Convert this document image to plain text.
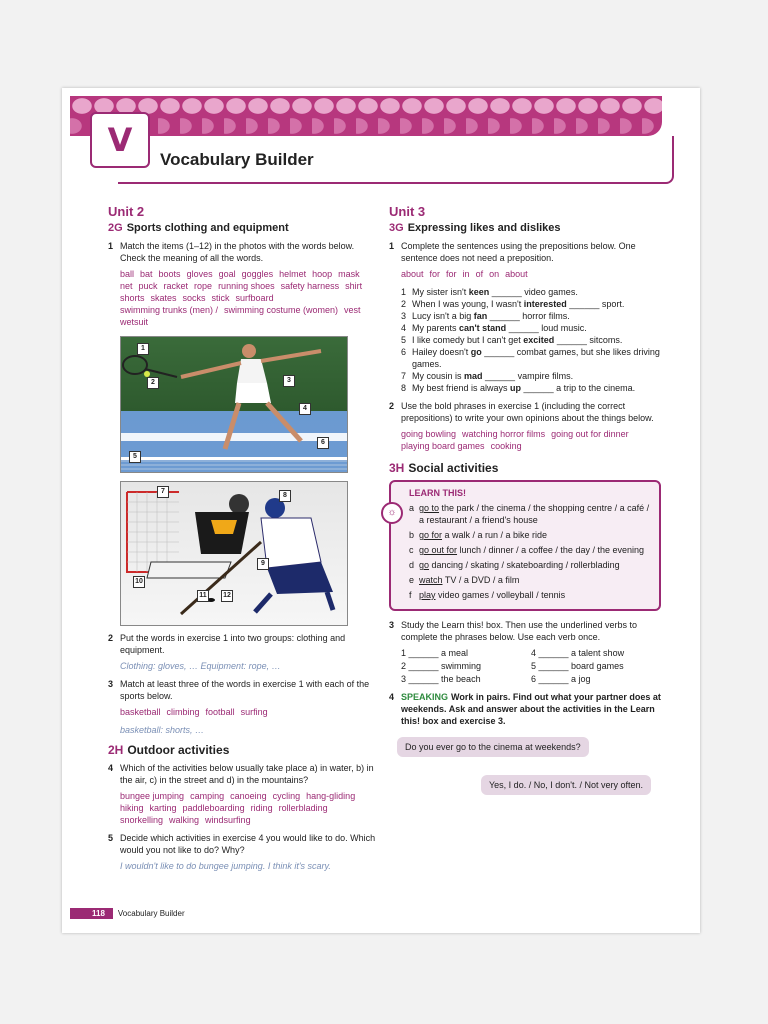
V
Vocabulary Builder
Unit 2
2G Sports clothing and equipment
1 Match the items (1–12) in the photos with the words below. Check the meaning of all the words.
ball bat boots gloves goal goggles helmet hoop masknet puck racket rope running shoes safety harness shirtshorts skates socks stick surfboardswimming trunks (men) / swimming costume (women) vestwetsuit
1
2	3
4
5
6
7
8
9
10
11	12
2 Put the words in exercise 1 into two groups: clothing and equipment.
Clothing: gloves, … Equipment: rope, …
3 Match at least three of the words in exercise 1 with each of the sports below.
basketball climbing football surfing
basketball: shorts, …
2H Outdoor activities
4 Which of the activities below usually take place a) in water, b) in the air, c) in the street and d) in the mountains?
bungee jumping camping canoeing cycling hang-glidinghiking karting paddleboarding riding rollerbladingsnorkelling walking windsurfing
5 Decide which activities in exercise 4 you would like to do. Which would you not like to do? Why?
I wouldn't like to do bungee jumping. I think it's scary.
Unit 3
3G Expressing likes and dislikes
1 Complete the sentences using the prepositions below. One sentence does not need a preposition.
about for for in of on about
1 My sister isn't keen ______ video games.
2 When I was young, I wasn't interested ______ sport.
3 Lucy isn't a big fan ______ horror films.
4 My parents can't stand ______ loud music.
5 I like comedy but I can't get excited ______ sitcoms.
6 Hailey doesn't go ______ combat games, but she likes driving games.
7 My cousin is mad ______ vampire films.
8 My best friend is always up ______ a trip to the cinema.
2 Use the bold phrases in exercise 1 (including the correct prepositions) to write your own opinions about the things below.
going bowling watching horror films going out for dinnerplaying board games cooking
3H Social activities
☼
LEARN THIS!
a go to the park / the cinema / the shopping centre / a café / a restaurant / a friend's house
b go for a walk / a run / a bike ride
c go out for lunch / dinner / a coffee / the day / the evening
d go dancing / skating / skateboarding / rollerblading
e watch TV / a DVD / a film
f play video games / volleyball / tennis
3 Study the Learn this! box. Then use the underlined verbs to complete the phrases below. Use each verb once.
1 ______ a meal	4 ______ a talent show
2 ______ swimming	5 ______ board games
3 ______ the beach	6 ______ a jog
4 SPEAKING Work in pairs. Find out what your partner does at weekends. Ask and answer about the activities in the Learn this! box and exercise 3.
Do you ever go to the cinema at weekends?
Yes, I do. / No, I don't. / Not very often.
118	Vocabulary Builder
